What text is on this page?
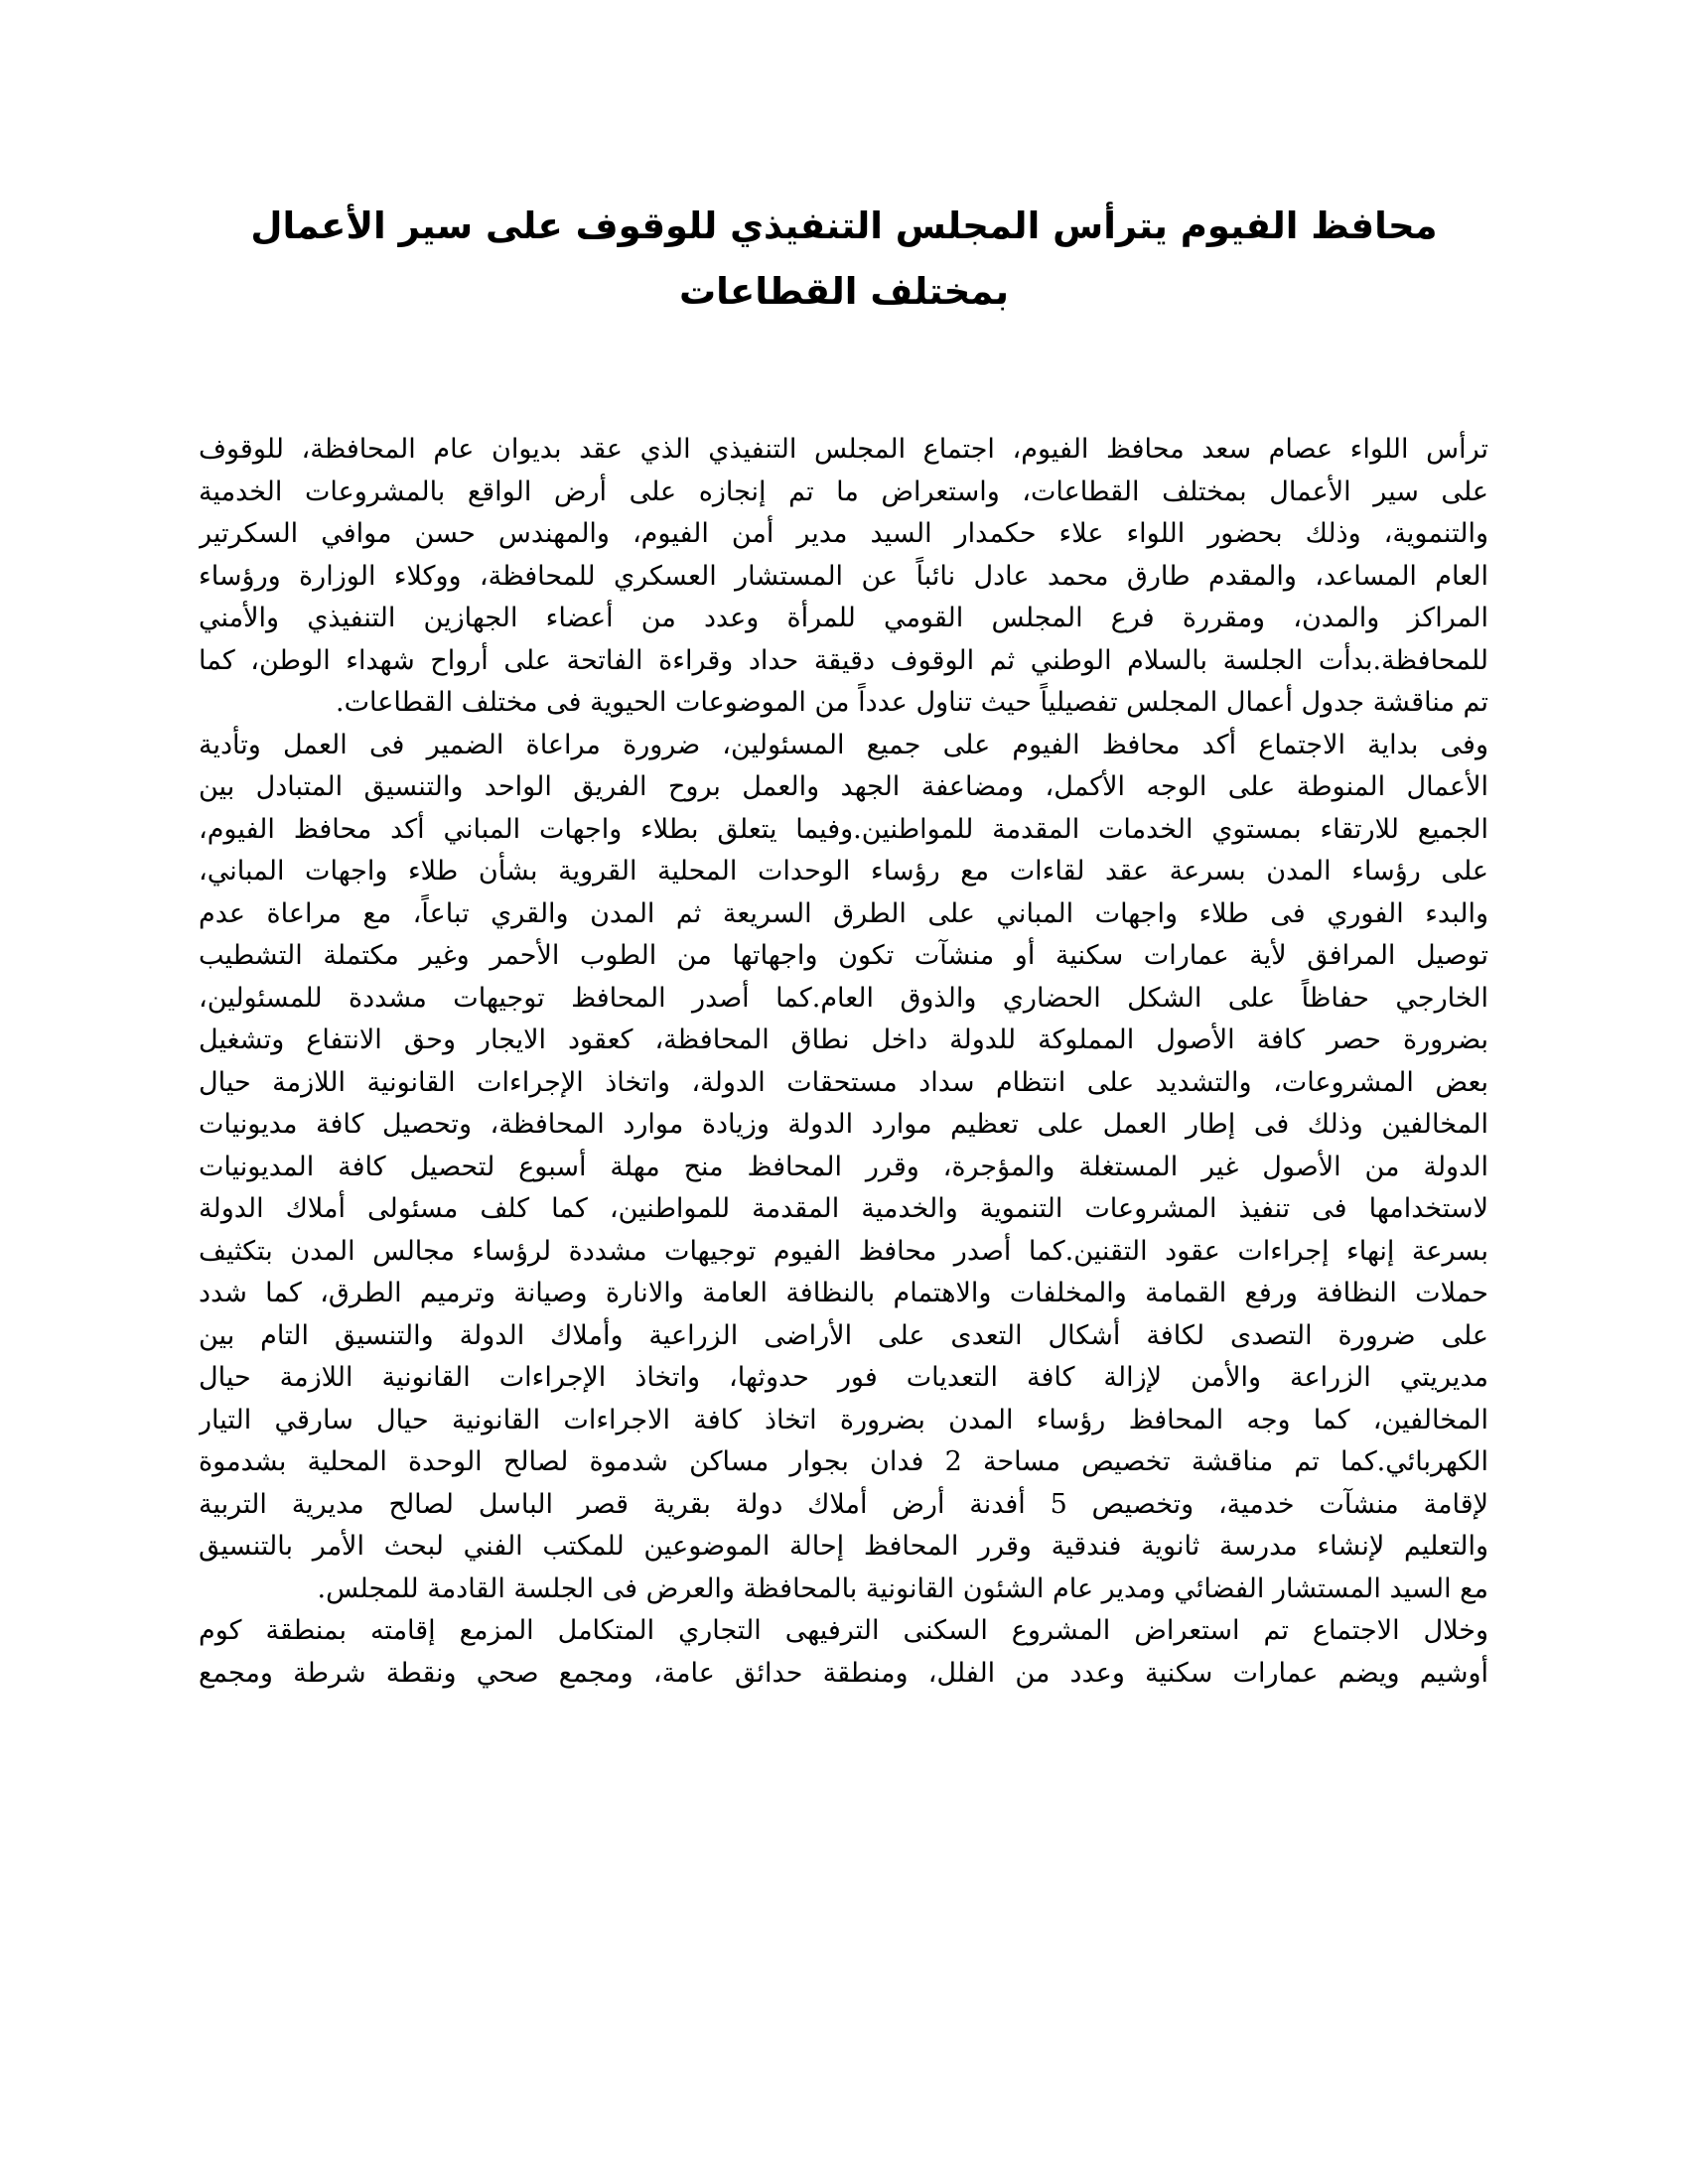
محافظ الفيوم يترأس المجلس التنفيذي للوقوف على سير الأعمال بمختلف القطاعات
ترأس اللواء عصام سعد محافظ الفيوم، اجتماع المجلس التنفيذي الذي عقد بديوان عام المحافظة، للوقوف
على سير الأعمال بمختلف القطاعات، واستعراض ما تم إنجازه على أرض الواقع بالمشروعات الخدمية
والتنموية، وذلك بحضور اللواء علاء حكمدار السيد مدير أمن الفيوم، والمهندس حسن موافي السكرتير
العام المساعد، والمقدم طارق محمد عادل نائباً عن المستشار العسكري للمحافظة، ووكلاء الوزارة ورؤساء
المراكز والمدن، ومقررة فرع المجلس القومي للمرأة وعدد من أعضاء الجهازين التنفيذي والأمني
للمحافظة.بدأت الجلسة بالسلام الوطني ثم الوقوف دقيقة حداد وقراءة الفاتحة على أرواح شهداء الوطن، كما
تم مناقشة جدول أعمال المجلس تفصيلياً حيث تناول عدداً من الموضوعات الحيوية فى مختلف القطاعات.
وفى بداية الاجتماع أكد محافظ الفيوم على جميع المسئولين، ضرورة مراعاة الضمير فى العمل وتأدية
الأعمال المنوطة على الوجه الأكمل، ومضاعفة الجهد والعمل بروح الفريق الواحد والتنسيق المتبادل بين
الجميع للارتقاء بمستوي الخدمات المقدمة للمواطنين.وفيما يتعلق بطلاء واجهات المباني أكد محافظ الفيوم،
على رؤساء المدن بسرعة عقد لقاءات مع رؤساء الوحدات المحلية القروية بشأن طلاء واجهات المباني،
والبدء الفوري فى طلاء واجهات المباني على الطرق السريعة ثم المدن والقري تباعاً، مع مراعاة عدم
توصيل المرافق لأية عمارات سكنية أو منشآت تكون واجهاتها من الطوب الأحمر وغير مكتملة التشطيب
الخارجي حفاظاً على الشكل الحضاري والذوق العام.كما أصدر المحافظ توجيهات مشددة للمسئولين،
بضرورة حصر كافة الأصول المملوكة للدولة داخل نطاق المحافظة، كعقود الايجار وحق الانتفاع وتشغيل
بعض المشروعات، والتشديد على انتظام سداد مستحقات الدولة، واتخاذ الإجراءات القانونية اللازمة حيال
المخالفين وذلك فى إطار العمل على تعظيم موارد الدولة وزيادة موارد المحافظة، وتحصيل كافة مديونيات
الدولة من الأصول غير المستغلة والمؤجرة، وقرر المحافظ منح مهلة أسبوع لتحصيل كافة المديونيات
لاستخدامها فى تنفيذ المشروعات التنموية والخدمية المقدمة للمواطنين، كما كلف مسئولى أملاك الدولة
بسرعة إنهاء إجراءات عقود التقنين.كما أصدر محافظ الفيوم توجيهات مشددة لرؤساء مجالس المدن بتكثيف
حملات النظافة ورفع القمامة والمخلفات والاهتمام بالنظافة العامة والانارة وصيانة وترميم الطرق، كما شدد
على ضرورة التصدى لكافة أشكال التعدى على الأراضى الزراعية وأملاك الدولة والتنسيق التام بين
مديريتي الزراعة والأمن لإزالة كافة التعديات فور حدوثها، واتخاذ الإجراءات القانونية اللازمة حيال
المخالفين، كما وجه المحافظ رؤساء المدن بضرورة اتخاذ كافة الاجراءات القانونية حيال سارقي التيار
الكهربائي.كما تم مناقشة تخصيص مساحة 2 فدان بجوار مساكن شدموة لصالح الوحدة المحلية بشدموة
لإقامة منشآت خدمية، وتخصيص 5 أفدنة أرض أملاك دولة بقرية قصر الباسل لصالح مديرية التربية
والتعليم لإنشاء مدرسة ثانوية فندقية وقرر المحافظ إحالة الموضوعين للمكتب الفني لبحث الأمر بالتنسيق
مع السيد المستشار الفضائي ومدير عام الشئون القانونية بالمحافظة والعرض فى الجلسة القادمة للمجلس.
وخلال الاجتماع تم استعراض المشروع السكنى الترفيهى التجاري المتكامل المزمع إقامته بمنطقة كوم
أوشيم ويضم عمارات سكنية وعدد من الفلل، ومنطقة حدائق عامة، ومجمع صحي ونقطة شرطة ومجمع
